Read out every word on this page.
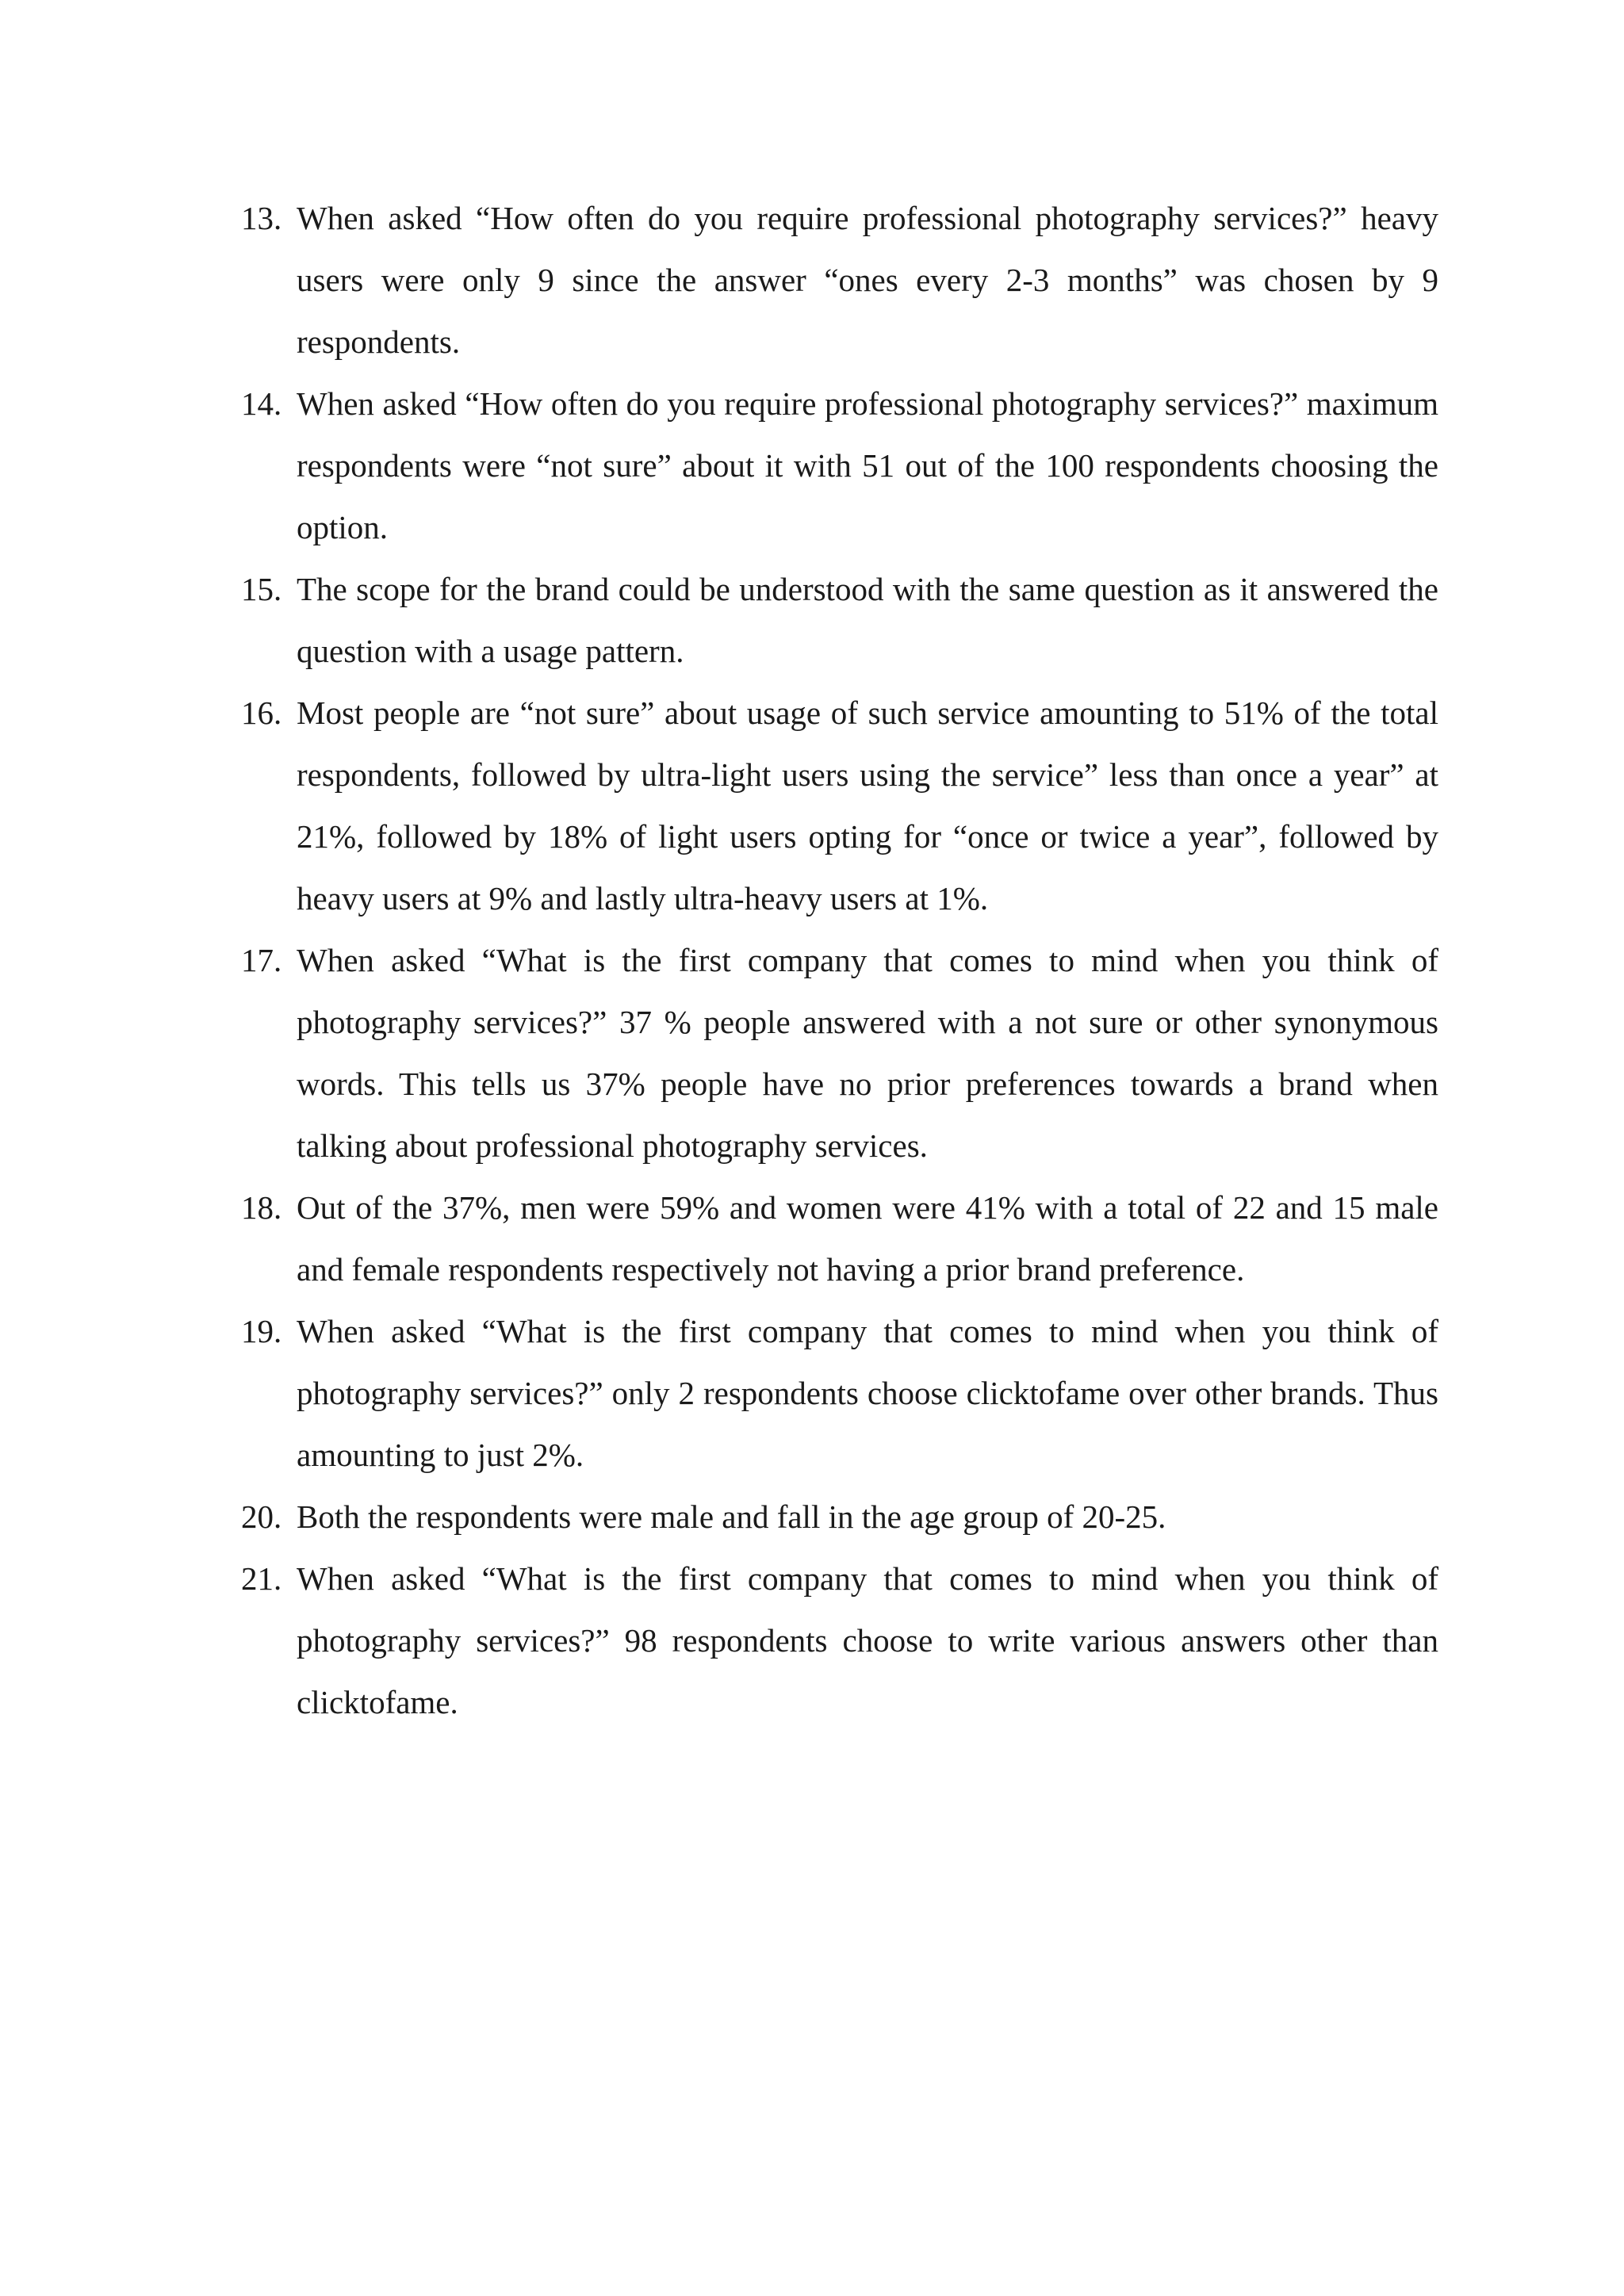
13. When asked “How often do you require professional photography services?” heavy users were only 9 since the answer “ones every 2-3 months” was chosen by 9 respondents.
14. When asked “How often do you require professional photography services?” maximum respondents were “not sure” about it with 51 out of the 100 respondents choosing the option.
15. The scope for the brand could be understood with the same question as it answered the question with a usage pattern.
16. Most people are “not sure” about usage of such service amounting to 51% of the total respondents, followed by ultra-light users using the service” less than once a year” at 21%, followed by 18% of light users opting for “once or twice a year”, followed by heavy users at 9% and lastly ultra-heavy users at 1%.
17. When asked “What is the first company that comes to mind when you think of photography services?” 37 % people answered with a not sure or other synonymous words. This tells us 37% people have no prior preferences towards a brand when talking about professional photography services.
18. Out of the 37%, men were 59% and women were 41% with a total of 22 and 15 male and female respondents respectively not having a prior brand preference.
19. When asked “What is the first company that comes to mind when you think of photography services?” only 2 respondents choose clicktofame over other brands. Thus amounting to just 2%.
20. Both the respondents were male and fall in the age group of 20-25.
21. When asked “What is the first company that comes to mind when you think of photography services?” 98 respondents choose to write various answers other than clicktofame.
